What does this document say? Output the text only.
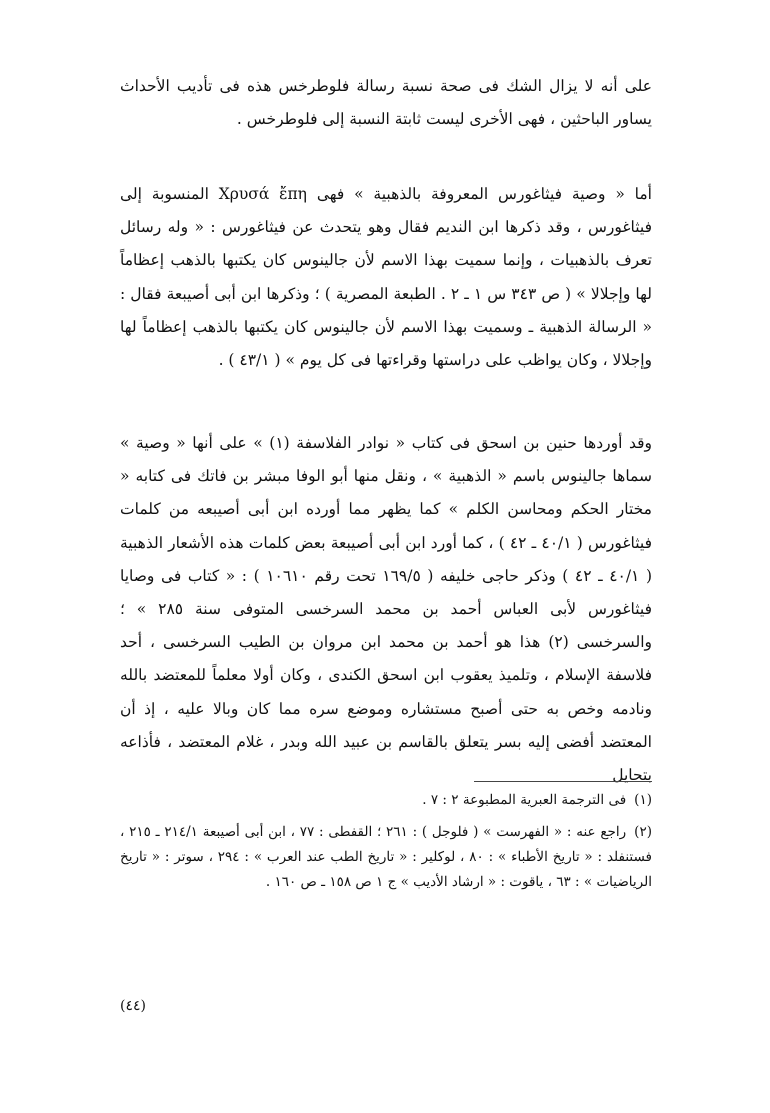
على أنه لا يزال الشك فى صحة نسبة رسالة فلوطرخس هذه فى تأديب الأحداث يساور الباحثين ، فهى الأخرى ليست ثابتة النسبة إلى فلوطرخس .

أما « وصية فيثاغورس المعروفة بالذهبية » فهى Χρυσά ἔπη المنسوبة إلى فيثاغورس ، وقد ذكرها ابن النديم فقال وهو يتحدث عن فيثاغورس : « وله رسائل تعرف بالذهبيات ، وإنما سميت بهذا الاسم لأن جالينوس كان يكتبها بالذهب إعظاماً لها وإجلالا » ( ص ٣٤٣ س ١ ـ ٢ . الطبعة المصرية ) ؛ وذكرها ابن أبى أصيبعة فقال : « الرسالة الذهبية ـ وسميت بهذا الاسم لأن جالينوس كان يكتبها بالذهب إعظاماً لها وإجلالا ، وكان يواظب على دراستها وقراءتها فى كل يوم » ( ٤٣/١ ) .

وقد أوردها حنين بن اسحق فى كتاب « نوادر الفلاسفة (١) » على أنها « وصية » سماها جالينوس باسم « الذهبية » ، ونقل منها أبو الوفا مبشر بن فاتك فى كتابه « مختار الحكم ومحاسن الكلم » كما يظهر مما أورده ابن أبى أصيبعه من كلمات فيثاغورس ( ٤٠/١ ـ ٤٢ ) ، كما أورد ابن أبى أصيبعة بعض كلمات هذه الأشعار الذهبية ( ٤٠/١ ـ ٤٢ ) وذكر حاجى خليفه ( ١٦٩/٥ تحت رقم ١٠٦١٠ ) : « كتاب فى وصايا فيثاغورس لأبى العباس أحمد بن محمد السرخسى المتوفى سنة ٢٨٥ » ؛ والسرخسى (٢) هذا هو أحمد بن محمد ابن مروان بن الطيب السرخسى ، أحد فلاسفة الإسلام ، وتلميذ يعقوب ابن اسحق الكندى ، وكان أولا معلماً للمعتضد بالله ونادمه وخص به حتى أصبح مستشاره وموضع سره مما كان وبالا عليه ، إذ أن المعتضد أفضى إليه بسر يتعلق بالقاسم بن عبيد الله وبدر ، غلام المعتضد ، فأذاعه بتحايل

(١)فى الترجمة العبرية المطبوعة ٢ : ٧ .

(٢)راجع عنه : « الفهرست » ( فلوجل ) : ٢٦١ ؛ القفطى : ٧٧ ، ابن أبى أصيبعة ٢١٤/١ ـ ٢١٥ ، فستنفلد : « تاريخ الأطباء » : ٨٠ ، لوكلير : « تاريخ الطب عند العرب » : ٢٩٤ ، سوتر : « تاريخ الرياضيات » : ٦٣ ، ياقوت : « ارشاد الأديب » ج ١ ص ١٥٨ ـ ص ١٦٠ .

(٤٤)
